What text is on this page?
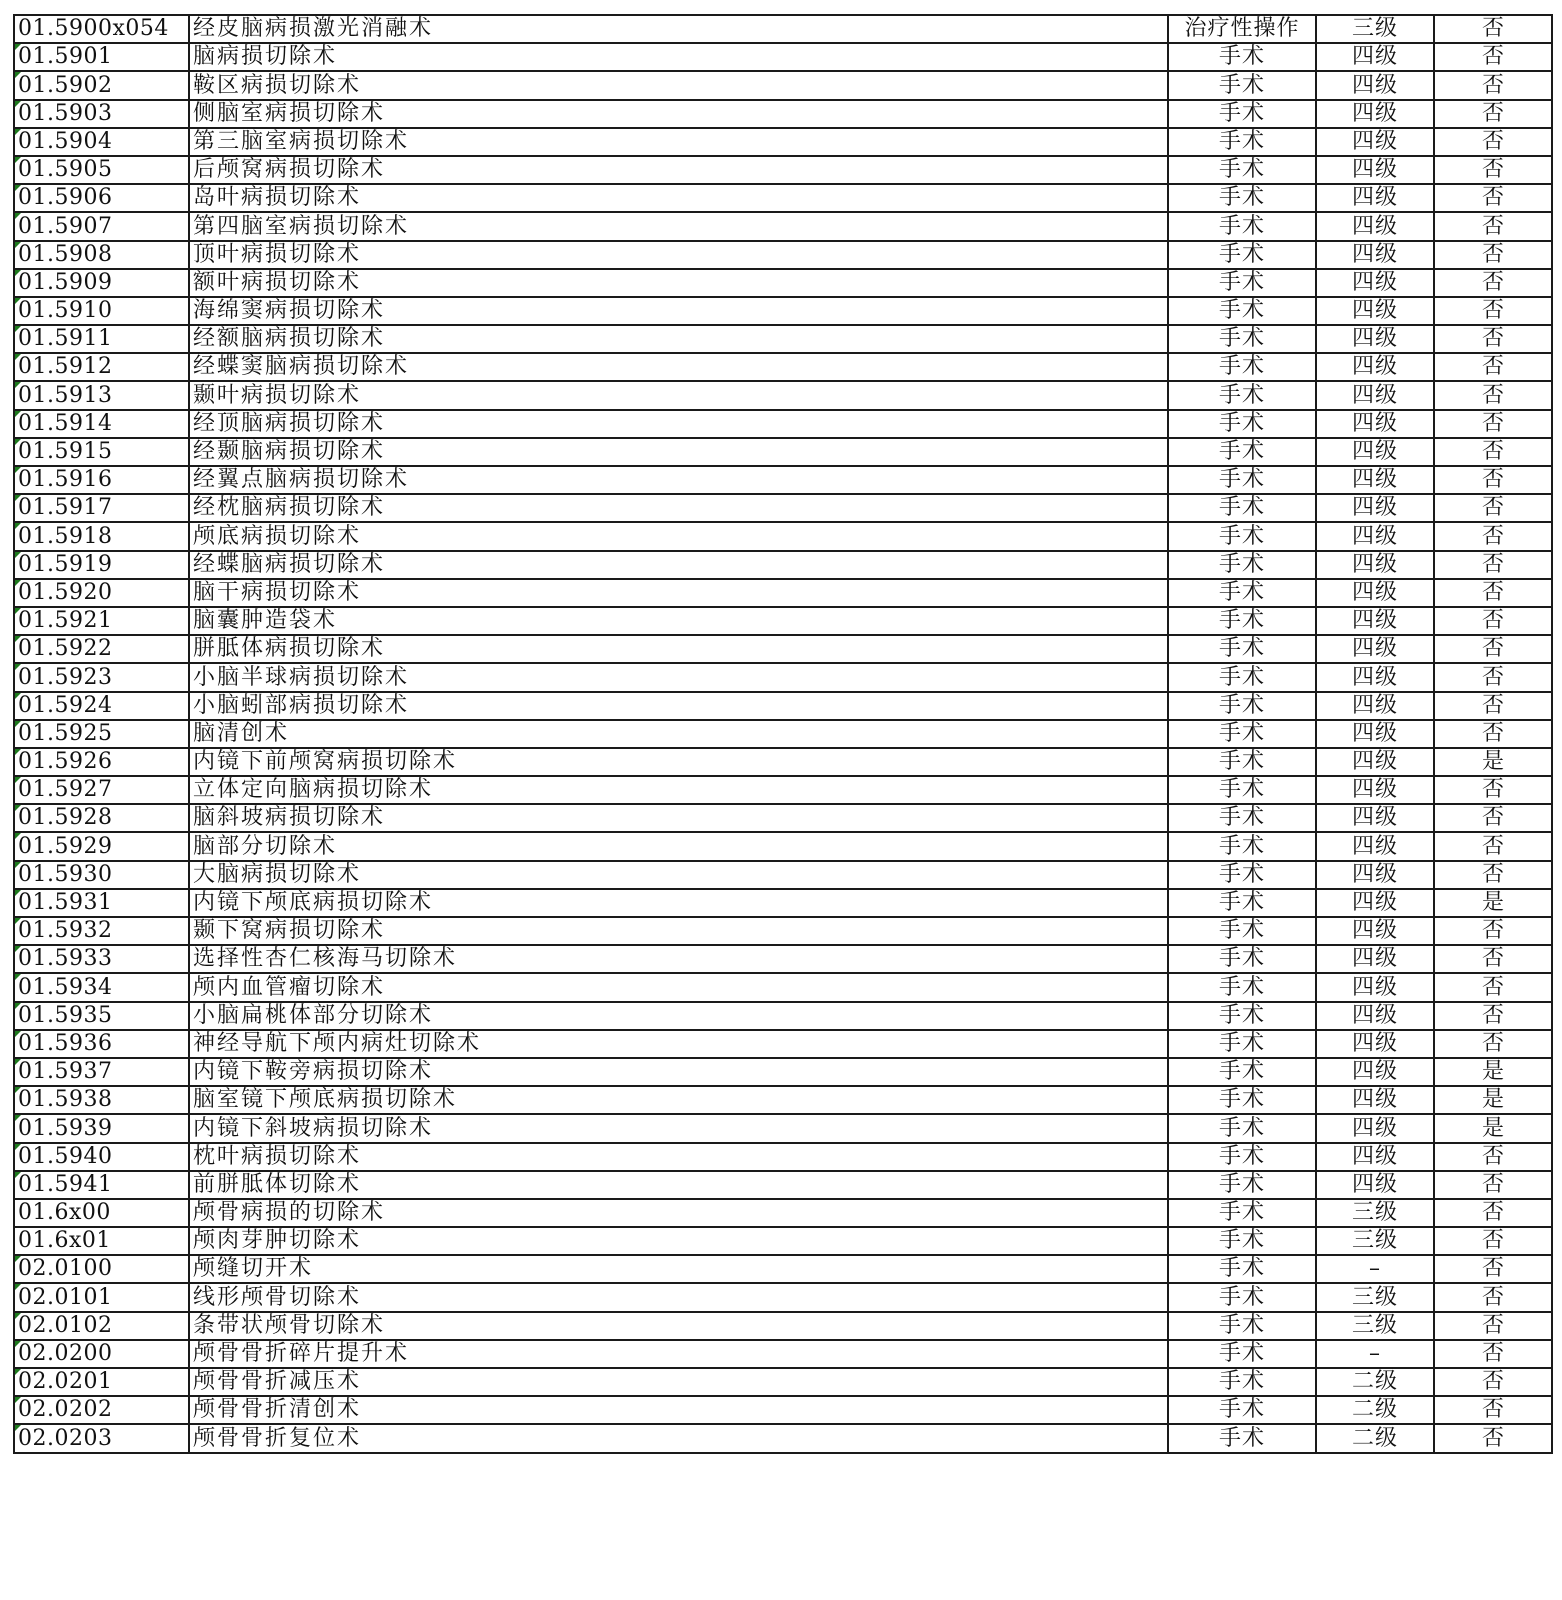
01.5900x054	经皮脑病损激光消融术	治疗性操作	三级	否

01.5901	脑病损切除术	手术	四级	否

01.5902	鞍区病损切除术	手术	四级	否

01.5903	侧脑室病损切除术	手术	四级	否

01.5904	第三脑室病损切除术	手术	四级	否

01.5905	后颅窝病损切除术	手术	四级	否

01.5906	岛叶病损切除术	手术	四级	否

01.5907	第四脑室病损切除术	手术	四级	否

01.5908	顶叶病损切除术	手术	四级	否

01.5909	额叶病损切除术	手术	四级	否

01.5910	海绵窦病损切除术	手术	四级	否

01.5911	经额脑病损切除术	手术	四级	否

01.5912	经蝶窦脑病损切除术	手术	四级	否

01.5913	颞叶病损切除术	手术	四级	否

01.5914	经顶脑病损切除术	手术	四级	否

01.5915	经颞脑病损切除术	手术	四级	否

01.5916	经翼点脑病损切除术	手术	四级	否

01.5917	经枕脑病损切除术	手术	四级	否

01.5918	颅底病损切除术	手术	四级	否

01.5919	经蝶脑病损切除术	手术	四级	否

01.5920	脑干病损切除术	手术	四级	否

01.5921	脑囊肿造袋术	手术	四级	否

01.5922	胼胝体病损切除术	手术	四级	否

01.5923	小脑半球病损切除术	手术	四级	否

01.5924	小脑蚓部病损切除术	手术	四级	否

01.5925	脑清创术	手术	四级	否

01.5926	内镜下前颅窝病损切除术	手术	四级	是

01.5927	立体定向脑病损切除术	手术	四级	否

01.5928	脑斜坡病损切除术	手术	四级	否

01.5929	脑部分切除术	手术	四级	否

01.5930	大脑病损切除术	手术	四级	否

01.5931	内镜下颅底病损切除术	手术	四级	是

01.5932	颞下窝病损切除术	手术	四级	否

01.5933	选择性杏仁核海马切除术	手术	四级	否

01.5934	颅内血管瘤切除术	手术	四级	否

01.5935	小脑扁桃体部分切除术	手术	四级	否

01.5936	神经导航下颅内病灶切除术	手术	四级	否

01.5937	内镜下鞍旁病损切除术	手术	四级	是

01.5938	脑室镜下颅底病损切除术	手术	四级	是

01.5939	内镜下斜坡病损切除术	手术	四级	是

01.5940	枕叶病损切除术	手术	四级	否

01.5941	前胼胝体切除术	手术	四级	否
01.6x00	颅骨病损的切除术	手术	三级	否
01.6x01	颅肉芽肿切除术	手术	三级	否

02.0100	颅缝切开术	手术	–	否

02.0101	线形颅骨切除术	手术	三级	否

02.0102	条带状颅骨切除术	手术	三级	否

02.0200	颅骨骨折碎片提升术	手术	–	否

02.0201	颅骨骨折减压术	手术	二级	否

02.0202	颅骨骨折清创术	手术	二级	否

02.0203	颅骨骨折复位术	手术	二级	否
